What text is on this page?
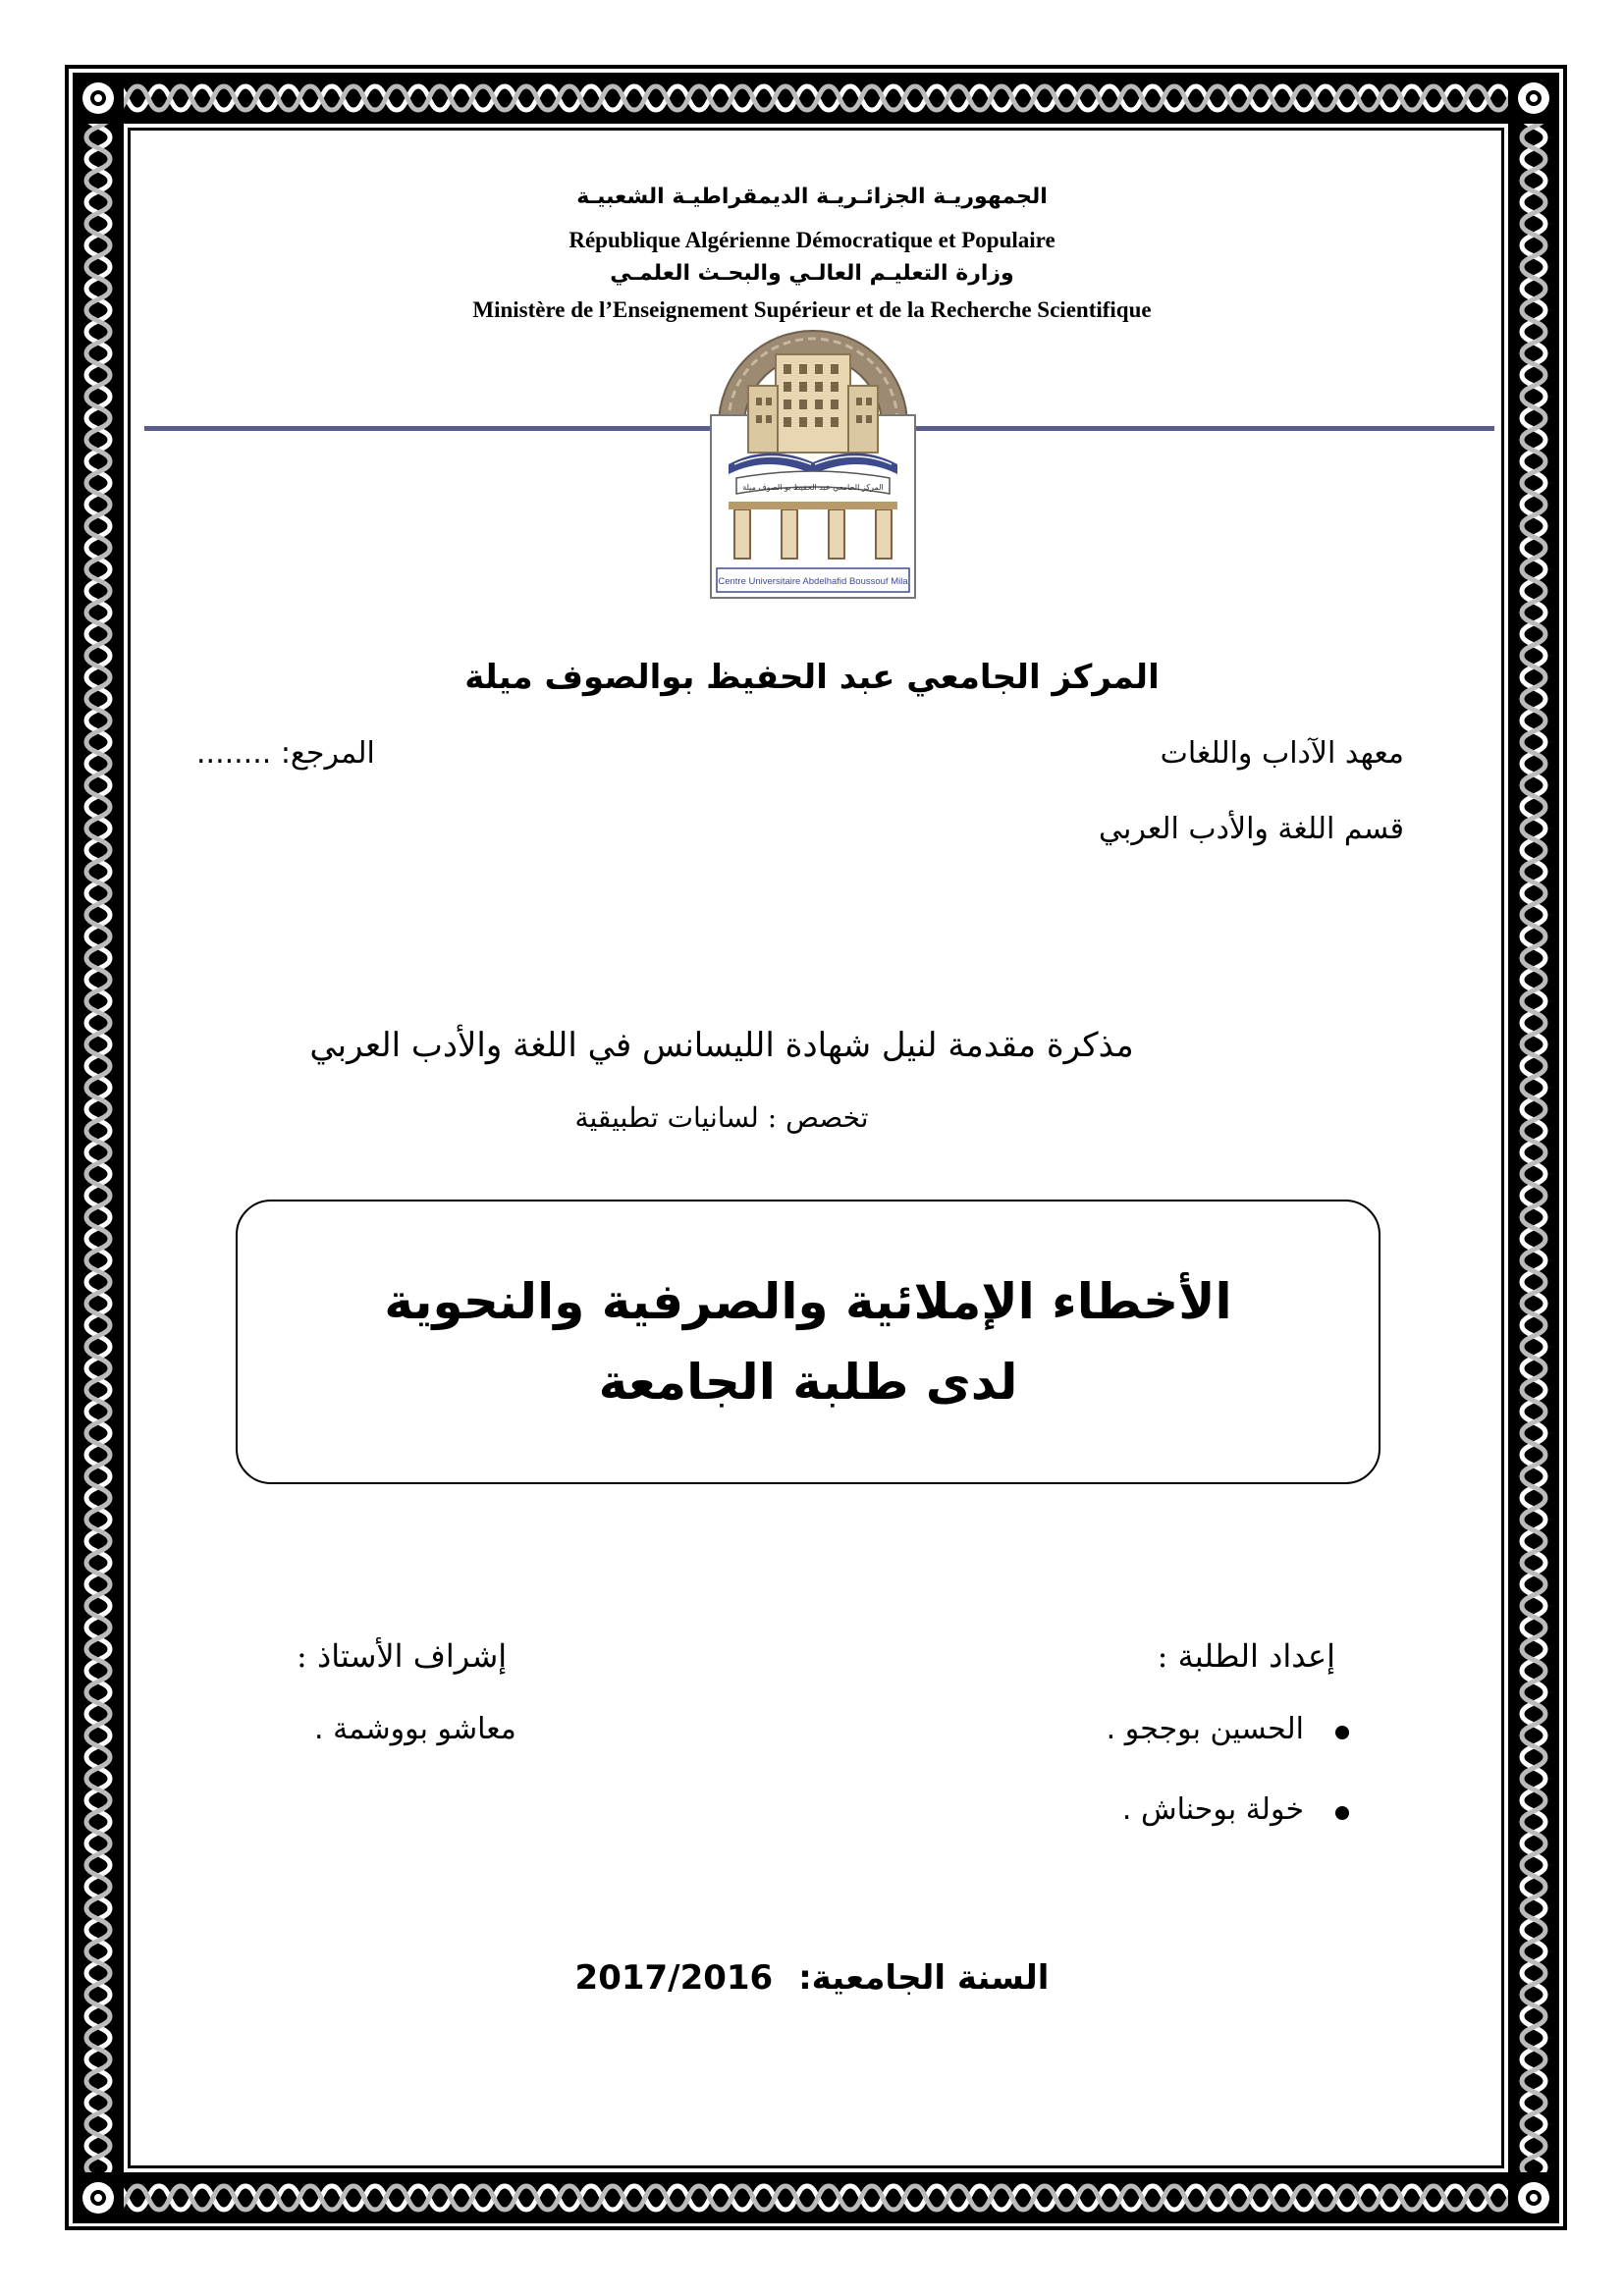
الجمهوريـة الجزائـريـة الديمقراطيـة الشعبيـة
République Algérienne Démocratique et Populaire
وزارة التعليـم العالـي والبحـث العلمـي
Ministère de l’Enseignement Supérieur et de la Recherche Scientifique
المركز الجامعي عبد الحفيظ بو الصوف ميلة
Centre Universitaire Abdelhafid Boussouf Mila
المركز الجامعي عبد الحفيظ بوالصوف ميلة
معهد الآداب واللغات
المرجع: ........
قسم اللغة والأدب العربي
مذكرة مقدمة لنيل شهادة الليسانس في اللغة والأدب العربي
تخصص : لسانيات تطبيقية
الأخطاء الإملائية والصرفية والنحوية
لدى طلبة الجامعة
إعداد الطلبة :
إشراف الأستاذ :
الحسين بوججو .
خولة بوحناش .
معاشو بووشمة .
السنة الجامعية: 2017/2016
